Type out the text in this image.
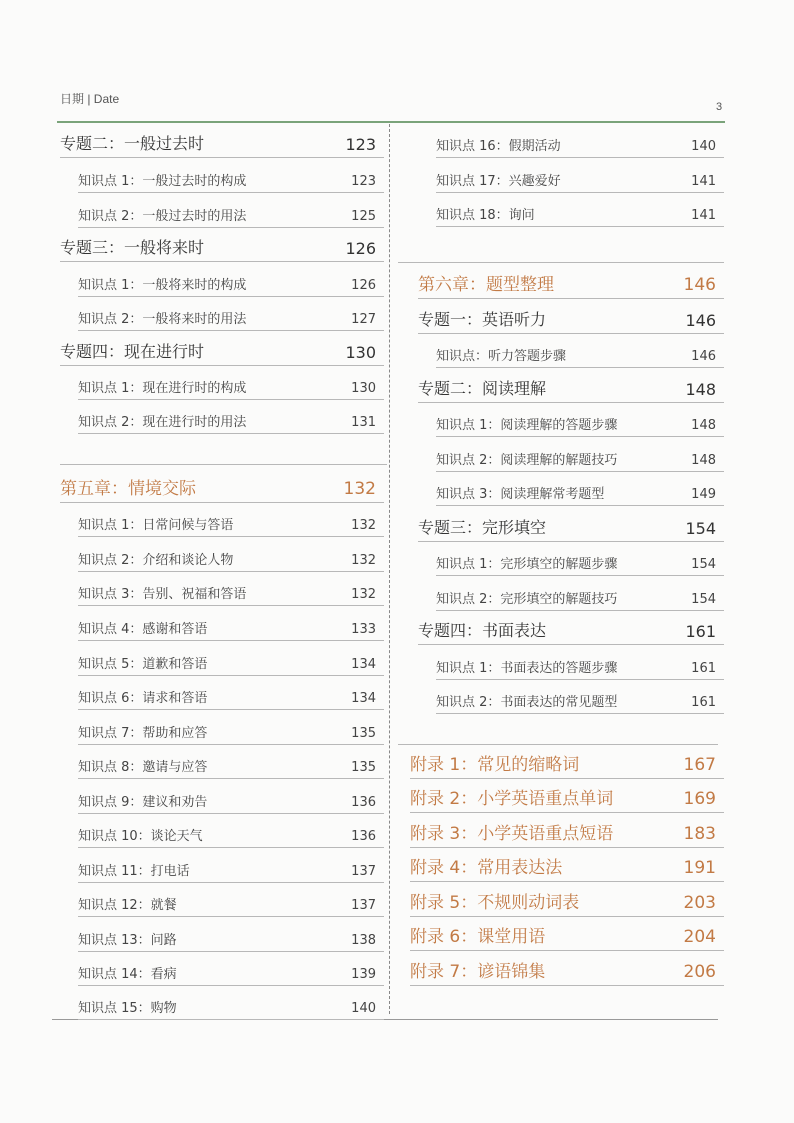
日期 | Date
3
专题二：一般过去时	123
知识点 1：一般过去时的构成	123
知识点 2：一般过去时的用法	125
专题三：一般将来时	126
知识点 1：一般将来时的构成	126
知识点 2：一般将来时的用法	127
专题四：现在进行时	130
知识点 1：现在进行时的构成	130
知识点 2：现在进行时的用法	131
第五章：情境交际	132
知识点 1：日常问候与答语	132
知识点 2：介绍和谈论人物	132
知识点 3：告别、祝福和答语	132
知识点 4：感谢和答语	133
知识点 5：道歉和答语	134
知识点 6：请求和答语	134
知识点 7：帮助和应答	135
知识点 8：邀请与应答	135
知识点 9：建议和劝告	136
知识点 10：谈论天气	136
知识点 11：打电话	137
知识点 12：就餐	137
知识点 13：问路	138
知识点 14：看病	139
知识点 15：购物	140
知识点 16：假期活动	140
知识点 17：兴趣爱好	141
知识点 18：询问	141
第六章：题型整理	146
专题一：英语听力	146
知识点：听力答题步骤	146
专题二：阅读理解	148
知识点 1：阅读理解的答题步骤	148
知识点 2：阅读理解的解题技巧	148
知识点 3：阅读理解常考题型	149
专题三：完形填空	154
知识点 1：完形填空的解题步骤	154
知识点 2：完形填空的解题技巧	154
专题四：书面表达	161
知识点 1：书面表达的答题步骤	161
知识点 2：书面表达的常见题型	161
附录 1：常见的缩略词	167
附录 2：小学英语重点单词	169
附录 3：小学英语重点短语	183
附录 4：常用表达法	191
附录 5：不规则动词表	203
附录 6：课堂用语	204
附录 7：谚语锦集	206
